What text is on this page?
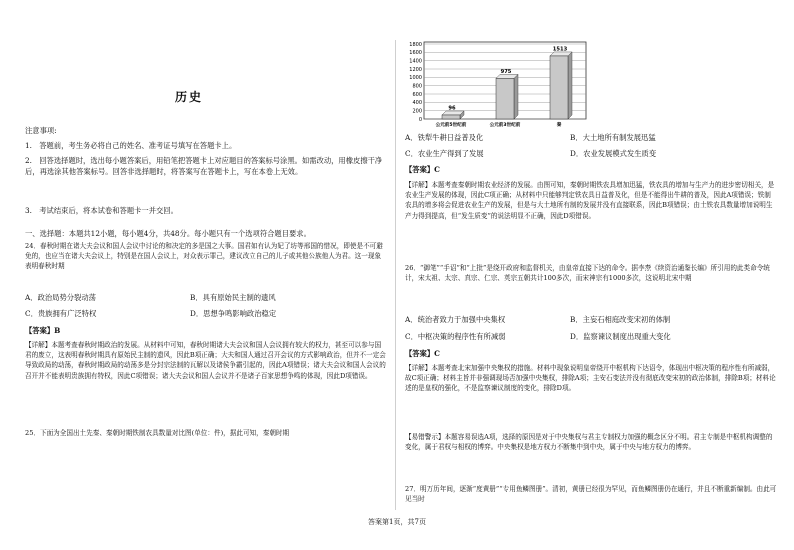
历史
注意事项:
1.　答题前，考生务必将自己的姓名、准考证号填写在答题卡上。
2.　回答选择题时，选出每小题答案后，用铅笔把答题卡上对应题目的答案标号涂黑。如需改动，用橡皮擦干净后，再选涂其他答案标号。回答非选择题时，将答案写在答题卡上，写在本卷上无效。
3.　考试结束后，将本试卷和答题卡一并交回。
一、选择题：本题共12小题，每小题4分，共48分。每小题只有一个选项符合题目要求。
24．春秋时期在诸大夫会议和国人会议中讨论的和决定的多是国之大事。国君如有认为妃了坊等邢国的惜况，即使是不可避免的，也应当在诸大夫会议上，特别是在国人会议上，对众表示罪己，建议改立自己的儿子或其他公族他人为君。这一现象表明春秋时期
A．政治局势分裂动荡	B．具有原始民主制的遗风
C．贵族拥有广泛特权	D．思想争鸣影响政治稳定
【答案】B
【详解】本题考查春秋时期政治的发展。从材料中可知，春秋时期诸大夫会议和国人会议拥有较大的权力，甚至可以参与国君的废立，这表明春秋时期具有原始民主制的遗风，因此B项正确；大夫和国人通过召开会议的方式影响政治，但并不一定会导致政局的动荡，春秋时期政局的动荡多是分封宗法制的瓦解以及诸侯争霸引起的，因此A项错误；诸大夫会议和国人会议的召开并不能表明贵族拥有特权，因此C项错误；诸大夫会议和国人会议并不是诸子百家思想争鸣的体现，因此D项错误。
25．下面为全国出土先秦、秦朝时期铁制农具数量对比图(单位：件)，据此可知，秦朝时期
0
200
400
600
800
1000
1200
1400
1600
1800
96
975
1513
公元前5世纪前	公元前3世纪前	秦
A．铁犁牛耕日益普及化	B．大土地所有制发展迅猛
C．农业生产得到了发展	D．农业发展模式发生质变
【答案】C
【详解】本题考查秦朝时期农业经济的发展。由图可知，秦朝时期铁农具增加迅猛，铁农具的增加与生产力的进步密切相关，是农业生产发展的体现，因此C项正确；从材料中只能够判定铁农具日益普及化，但是不能得出牛耕的普及，因此A项错误；铁制农具的增多将会促进农业生产的发展，但是与大土地所有制的发展并没有直接联系，因此B项错误；由土铁农具数量增加说明生产力得到提高，但“发生质变”的说法明显不正确，因此D项错误。
26．“御笔”“手诏”和“上批”是绕开政府和监督机关，由皇帝直接下达的命令。据李焘《续资治通鉴长编》所引用的此类命令统计，宋太祖、太宗、真宗、仁宗、英宗五朝共计100多次，而宋神宗有1000多次，这说明北宋中期
A．统治者致力于加强中央集权	B．主妄石相庭改变宋初的体制
C．中枢决策的程序性有所减弱	D．监察谏议制度出现重大变化
【答案】C
【详解】本题考查北宋加强中央集权的措施。材料中现象说明皇帝绕开中枢机构下达诏令，体现出中枢决策的程序性有所减弱，故C项正确；材料主旨并非强调现场否加强中央集权，排除A项；主安石变法并没有彻底改变宋初的政治体制，排除B项；材料论述的是皇权的强化，不是监察谏议制度的变化，排除D项。
【易错警示】本题容易误选A项，选择的原因是对于中央集权与君主专制权力加强的概念区分不明。君主专制是中枢机构调整的变化，属于君权与相权的博弈。中央集权是地方权力不断集中到中央，属于中央与地方权力的博弈。
27．明万历年间，逐渐“度黄册”“专用鱼鳞图册”。清初，黄册已经很为罕见，而鱼鳞图册仍在通行，并且不断重新编制。由此可见当时
答案第1页，共7页
